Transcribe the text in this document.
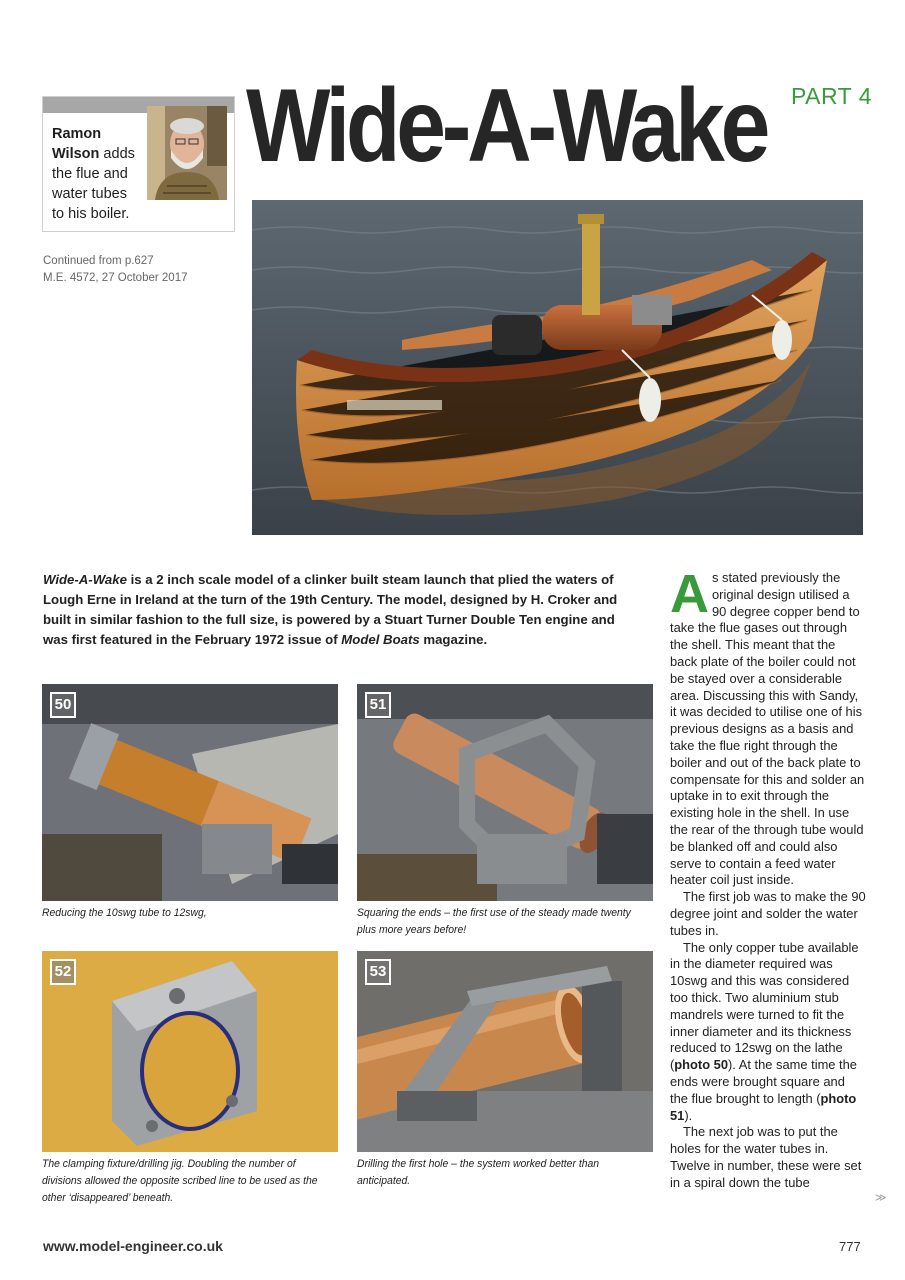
Ramon
Wilson adds
the flue and
water tubes
to his boiler.
Continued from p.627
M.E. 4572, 27 October 2017
PART 4
Wide-A-Wake
Wide-A-Wake is a 2 inch scale model of a clinker built steam launch that plied the waters of Lough Erne in Ireland at the turn of the 19th Century. The model, designed by H. Croker and built in similar fashion to the full size, is powered by a Stuart Turner Double Ten engine and was first featured in the February 1972 issue of Model Boats magazine.
50	51
Reducing the 10swg tube to 12swg,	Squaring the ends – the first use of the steady made twenty plus more years before!
52	53
The clamping fixture/drilling jig. Doubling the number of divisions allowed the opposite scribed line to be used as the other ‘disappeared’ beneath.
Drilling the first hole – the system worked better than anticipated.

As stated previously the original design utilised a 90 degree copper bend to take the flue gases out through the shell. This meant that the back plate of the boiler could not be stayed over a considerable area. Discussing this with Sandy, it was decided to utilise one of his previous designs as a basis and take the flue right through the boiler and out of the back plate to compensate for this and solder an uptake in to exit through the existing hole in the shell. In use the rear of the through tube would be blanked off and could also serve to contain a feed water heater coil just inside.

The first job was to make the 90 degree joint and solder the water tubes in.

The only copper tube available in the diameter required was 10swg and this was considered too thick. Two aluminium stub mandrels were turned to fit the inner diameter and its thickness reduced to 12swg on the lathe (photo 50). At the same time the ends were brought square and the flue brought to length (photo 51).

The next job was to put the holes for the water tubes in. Twelve in number, these were set in a spiral down the tube

≫
www.model-engineer.co.uk	777
